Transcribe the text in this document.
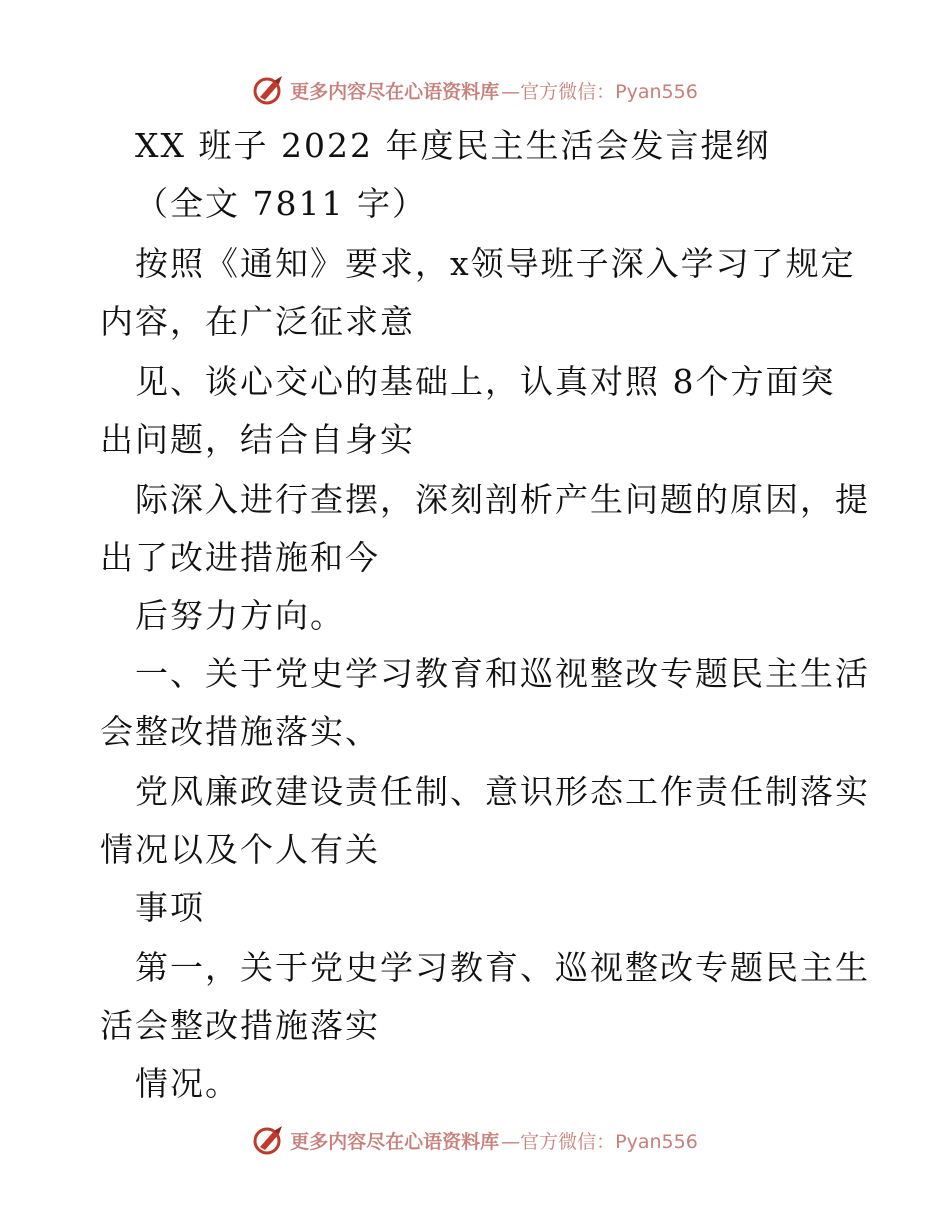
更多内容尽在心语资料库 —官方微信：Pyan556
XX 班子 2022 年度民主生活会发言提纲
（全文 7811 字）
按照《通知》要求，x领导班子深入学习了规定
内容，在广泛征求意
见、谈心交心的基础上，认真对照 8个方面突
出问题，结合自身实
际深入进行查摆，深刻剖析产生问题的原因，提
出了改进措施和今
后努力方向。
一、关于党史学习教育和巡视整改专题民主生活
会整改措施落实、
党风廉政建设责任制、意识形态工作责任制落实
情况以及个人有关
事项
第一，关于党史学习教育、巡视整改专题民主生
活会整改措施落实
情况。
更多内容尽在心语资料库 —官方微信：Pyan556
